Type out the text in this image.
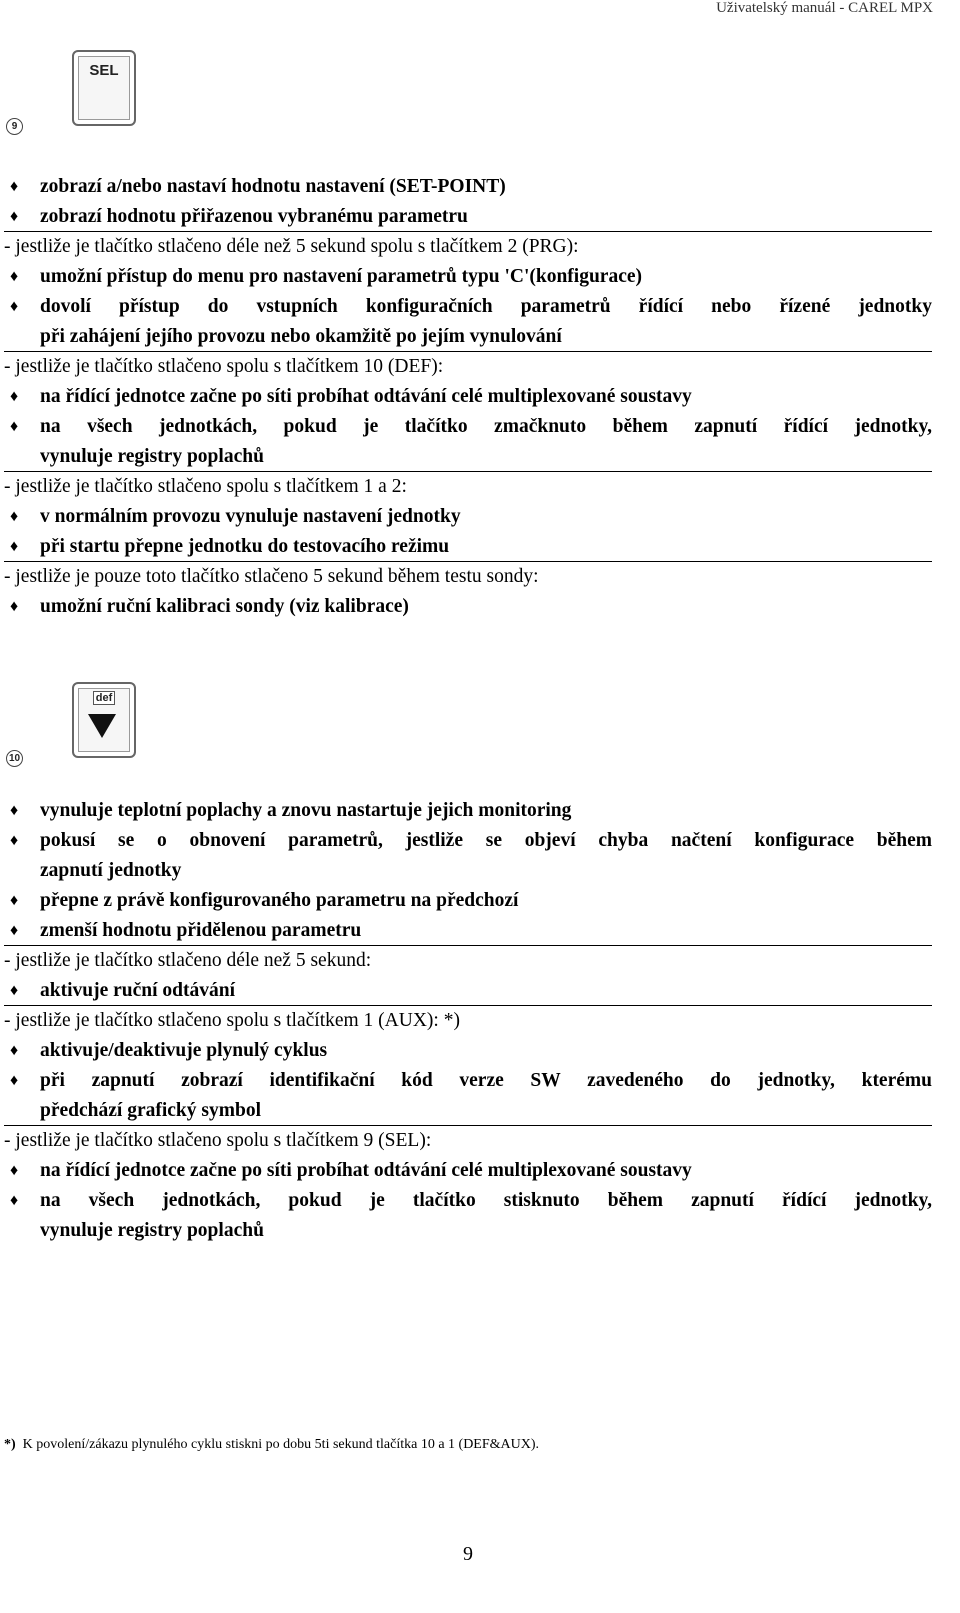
Uživatelský manuál - CAREL MPX
SEL
9
♦ zobrazí a/nebo nastaví hodnotu nastavení (SET-POINT)
♦ zobrazí hodnotu přiřazenou vybranému parametru
- jestliže je tlačítko stlačeno déle než 5 sekund spolu s tlačítkem 2 (PRG):
♦ umožní přístup do menu pro nastavení parametrů typu 'C'(konfigurace)
♦ dovolí přístup do vstupních konfiguračních parametrů řídící nebo řízené jednotky
při zahájení jejího provozu nebo okamžitě po jejím vynulování
- jestliže je tlačítko stlačeno spolu s tlačítkem 10 (DEF):
♦ na řídící jednotce začne po síti probíhat odtávání celé multiplexované soustavy
♦ na všech jednotkách, pokud je tlačítko zmačknuto během zapnutí řídící jednotky,
vynuluje registry poplachů
- jestliže je tlačítko stlačeno spolu s tlačítkem 1 a 2:
♦ v normálním provozu vynuluje nastavení jednotky
♦ při startu přepne jednotku do testovacího režimu
- jestliže je pouze toto tlačítko stlačeno 5 sekund během testu sondy:
♦ umožní ruční kalibraci sondy (viz kalibrace)
def
10
♦ vynuluje teplotní poplachy a znovu nastartuje jejich monitoring
♦ pokusí se o obnovení parametrů, jestliže se objeví chyba načtení konfigurace během
zapnutí jednotky
♦ přepne z právě konfigurovaného parametru na předchozí
♦ zmenší hodnotu přidělenou parametru
- jestliže je tlačítko stlačeno déle než 5 sekund:
♦ aktivuje ruční odtávání
- jestliže je tlačítko stlačeno spolu s tlačítkem 1 (AUX): *)
♦ aktivuje/deaktivuje plynulý cyklus
♦ při zapnutí zobrazí identifikační kód verze SW zavedeného do jednotky, kterému
předchází grafický symbol
- jestliže je tlačítko stlačeno spolu s tlačítkem 9 (SEL):
♦ na řídící jednotce začne po síti probíhat odtávání celé multiplexované soustavy
♦ na všech jednotkách, pokud je tlačítko stisknuto během zapnutí řídící jednotky,
vynuluje registry poplachů
*) K povolení/zákazu plynulého cyklu stiskni po dobu 5ti sekund tlačítka 10 a 1 (DEF&AUX).
9
